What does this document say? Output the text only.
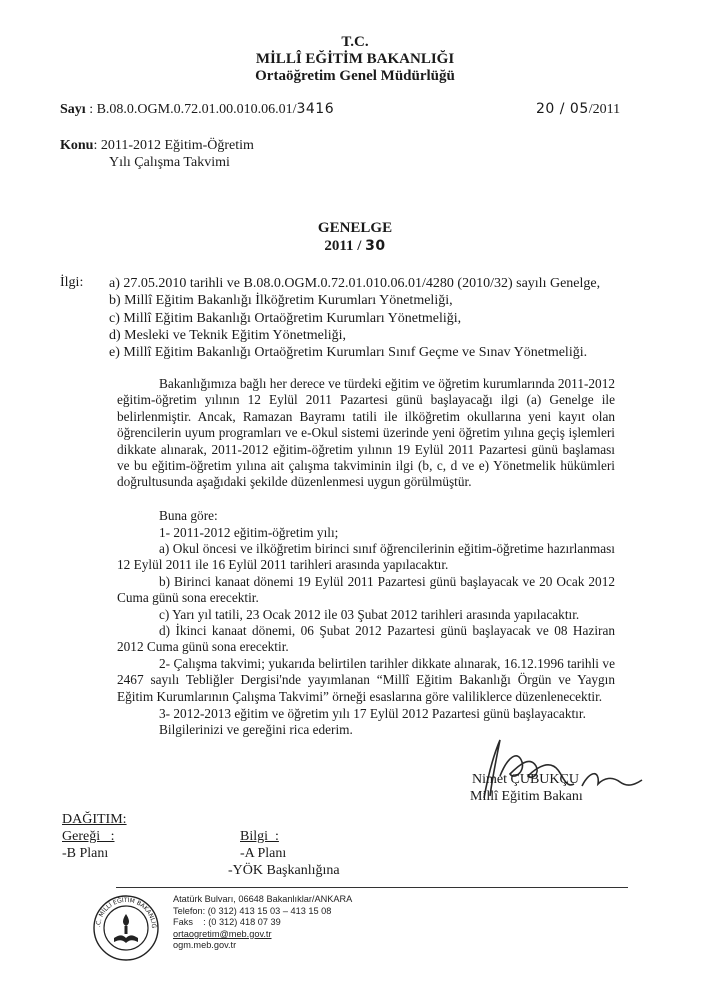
T.C.
MİLLÎ EĞİTİM BAKANLIĞI
Ortaöğretim Genel Müdürlüğü
Sayı : B.08.0.OGM.0.72.01.00.010.06.01/3416	20 / 05/2011
Konu: 2011-2012 Eğitim-Öğretim
Yılı Çalışma Takvimi
GENELGE
2011 / 30
İlgi: a) 27.05.2010 tarihli ve B.08.0.OGM.0.72.01.010.06.01/4280 (2010/32) sayılı Genelge,
b) Millî Eğitim Bakanlığı İlköğretim Kurumları Yönetmeliği,
c) Millî Eğitim Bakanlığı Ortaöğretim Kurumları Yönetmeliği,
d) Mesleki ve Teknik Eğitim Yönetmeliği,
e) Millî Eğitim Bakanlığı Ortaöğretim Kurumları Sınıf Geçme ve Sınav Yönetmeliği.
Bakanlığımıza bağlı her derece ve türdeki eğitim ve öğretim kurumlarında 2011-2012 eğitim-öğretim yılının 12 Eylül 2011 Pazartesi günü başlayacağı ilgi (a) Genelge ile belirlenmiştir. Ancak, Ramazan Bayramı tatili ile ilköğretim okullarına yeni kayıt olan öğrencilerin uyum programları ve e-Okul sistemi üzerinde yeni öğretim yılına geçiş işlemleri dikkate alınarak, 2011-2012 eğitim-öğretim yılının 19 Eylül 2011 Pazartesi günü başlaması ve bu eğitim-öğretim yılına ait çalışma takviminin ilgi (b, c, d ve e) Yönetmelik hükümleri doğrultusunda aşağıdaki şekilde düzenlenmesi uygun görülmüştür.
Buna göre:
1- 2011-2012 eğitim-öğretim yılı;
a) Okul öncesi ve ilköğretim birinci sınıf öğrencilerinin eğitim-öğretime hazırlanması 12 Eylül 2011 ile 16 Eylül 2011 tarihleri arasında yapılacaktır.
b) Birinci kanaat dönemi 19 Eylül 2011 Pazartesi günü başlayacak ve 20 Ocak 2012 Cuma günü sona erecektir.
c) Yarı yıl tatili, 23 Ocak 2012 ile 03 Şubat 2012 tarihleri arasında yapılacaktır.
d) İkinci kanaat dönemi, 06 Şubat 2012 Pazartesi günü başlayacak ve 08 Haziran 2012 Cuma günü sona erecektir.
2- Çalışma takvimi; yukarıda belirtilen tarihler dikkate alınarak, 16.12.1996 tarihli ve 2467 sayılı Tebliğler Dergisi'nde yayımlanan “Millî Eğitim Bakanlığı Örgün ve Yaygın Eğitim Kurumlarının Çalışma Takvimi” örneği esaslarına göre valiliklerce düzenlenecektir.
3- 2012-2013 eğitim ve öğretim yılı 17 Eylül 2012 Pazartesi günü başlayacaktır.
Bilgilerinizi ve gereğini rica ederim.
Nimet ÇUBUKÇU
Millî Eğitim Bakanı
DAĞITIM:
Gereği   :
-B Planı
Bilgi  :
-A Planı
-YÖK Başkanlığına
.C. MİLLÎ EĞİTİM BAKANLIĞ
Atatürk Bulvarı, 06648 Bakanlıklar/ANKARA
Telefon: (0 312) 413 15 03 – 413 15 08
Faks    : (0 312) 418 07 39
ortaogretim@meb.gov.tr
ogm.meb.gov.tr
